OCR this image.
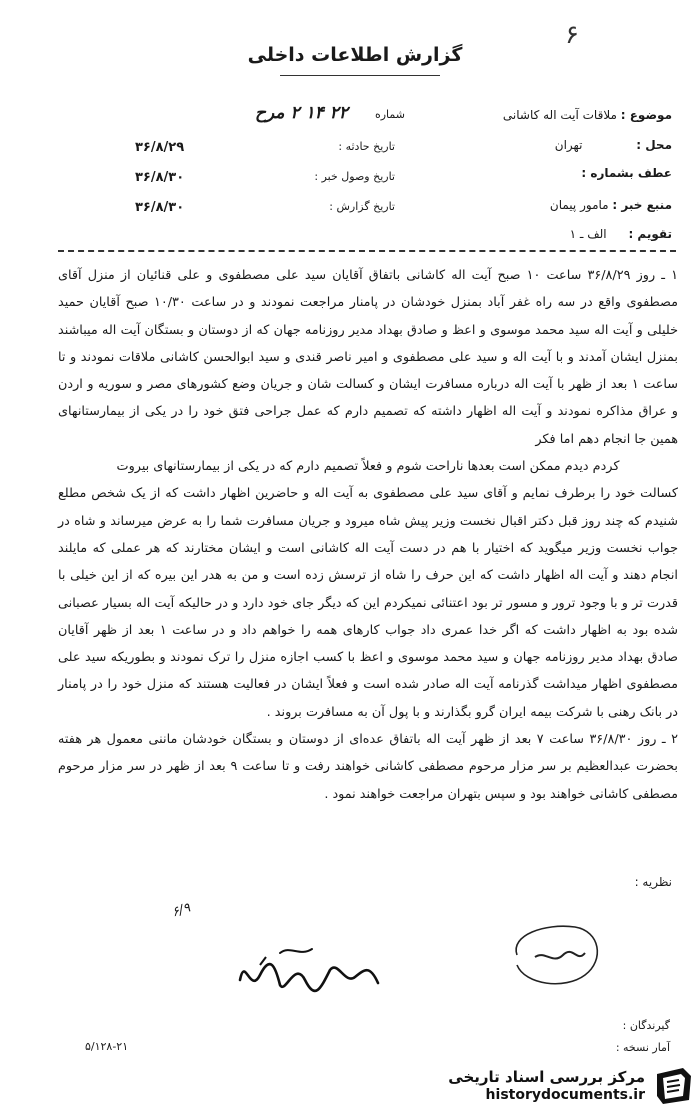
۶
گزارش اطلاعات داخلی
موضوع : ملاقات آیت اله کاشانی
محل : تهران
عطف بشماره :
منبع خبر : مامور پیمان
تقویم : الف ـ ۱
شماره
۲۲ ۱۴ ۲ مرح
تاریخ حادثه :
۳۶/۸/۲۹
تاریخ وصول خبر :
۳۶/۸/۳۰
تاریخ گزارش :
۳۶/۸/۳۰

۱ ـ روز ۳۶/۸/۲۹ ساعت ۱۰ صبح آیت اله کاشانی باتفاق آقایان سید علی مصطفوی و علی قنائیان از منزل آقای مصطفوی واقع در سه راه غفر آباد بمنزل خودشان در پامنار مراجعت نمودند و در ساعت ۱۰/۳۰ صبح آقایان حمید خلیلی و آیت اله سید محمد موسوی و اعظ و صادق بهداد مدیر روزنامه جهان که از دوستان و بستگان آیت اله میباشند بمنزل ایشان آمدند و با آیت اله و سید علی مصطفوی و امیر ناصر قندی و سید ابوالحسن کاشانی ملاقات نمودند و تا ساعت ۱ بعد از ظهر با آیت اله درباره مسافرت ایشان و کسالت شان و جریان وضع کشورهای مصر و سوریه و اردن و عراق مذاکره نمودند و آیت اله اظهار داشته که تصمیم دارم که عمل جراحی فتق خود را در یکی از بیمارستانهای همین جا انجام دهم اما فکر

کردم دیدم ممکن است بعدها ناراحت شوم و فعلاً تصمیم دارم که در یکی از بیمارستانهای بیروت

کسالت خود را برطرف نمایم و آقای سید علی مصطفوی به آیت اله و حاضرین اظهار داشت که از یک شخص مطلع شنیدم که چند روز قبل دکتر اقبال نخست وزیر پیش شاه میرود و جریان مسافرت شما را به عرض میرساند و شاه در جواب نخست وزیر میگوید که اختیار با هم در دست آیت اله کاشانی است و ایشان مختارند که هر عملی که مایلند انجام دهند و آیت اله اظهار داشت که این حرف را شاه از ترسش زده است و من به هدر این بیره که از این خیلی با قدرت تر و با وجود ترور و مسور تر بود اعتنائی نمیکردم این که دیگر جای خود دارد و در حالیکه آیت اله بسیار عصبانی شده بود به اظهار داشت که اگر خدا عمری داد جواب کارهای همه را خواهم داد و در ساعت ۱ بعد از ظهر آقایان صادق بهداد مدیر روزنامه جهان و سید محمد موسوی و اعظ با کسب اجازه منزل را ترک نمودند و بطوریکه سید علی مصطفوی اظهار میداشت گذرنامه آیت اله صادر شده است و فعلاً ایشان در فعالیت هستند که منزل خود را در پامنار در بانک رهنی با شرکت بیمه ایران گرو بگذارند و با پول آن به مسافرت بروند .

۲ ـ روز ۳۶/۸/۳۰ ساعت ۷ بعد از ظهر آیت اله باتفاق عده‌ای از دوستان و بستگان خودشان ماننی معمول هر هفته بحضرت عبدالعظیم بر سر مزار مرحوم مصطفی کاشانی خواهند رفت و تا ساعت ۹ بعد از ظهر در سر مزار مرحوم مصطفی کاشانی خواهند بود و سپس بتهران مراجعت خواهند نمود .

نظریه :
۶/۹
گیرندگان :
آمار نسخه :
۵/۱۲۸-۲۱
مرکز بررسی اسناد تاریخی
historydocuments.ir
